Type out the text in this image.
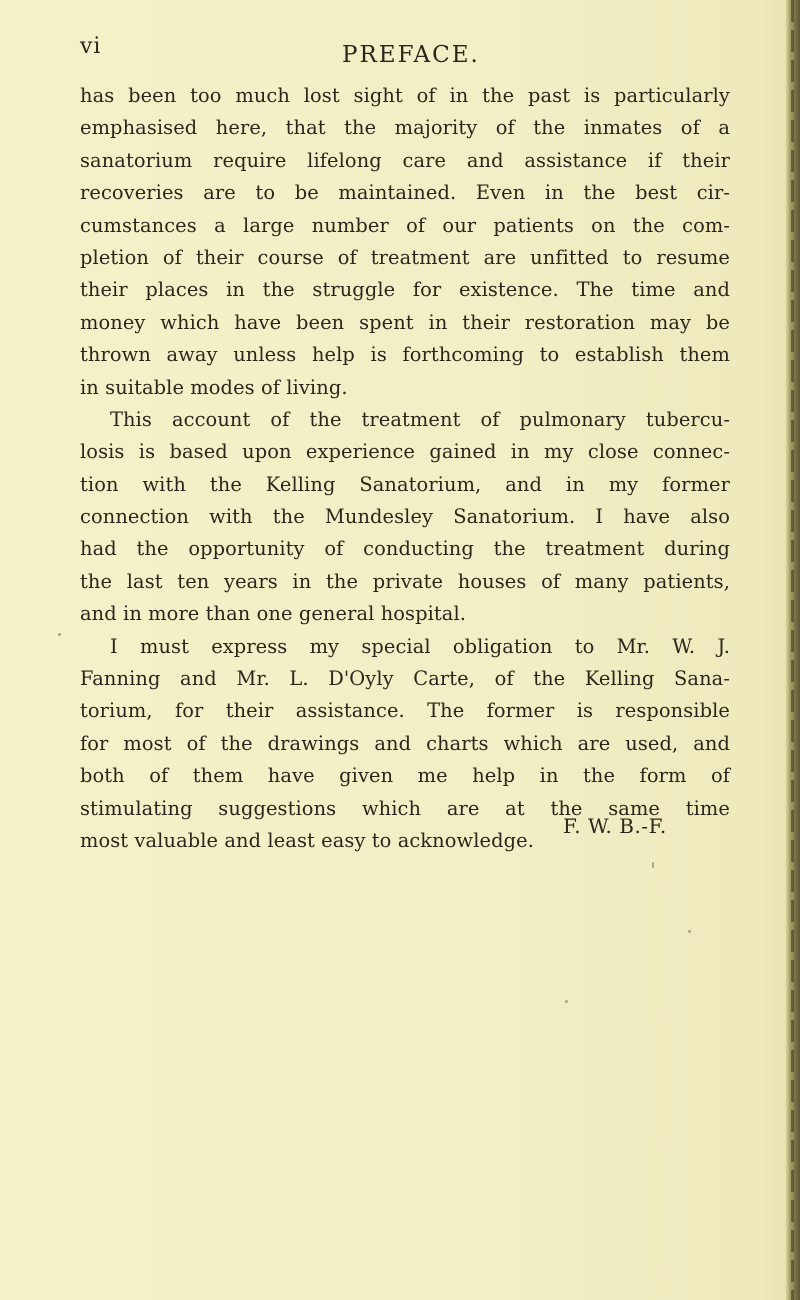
vi	PREFACE.
has been too much lost sight of in the past is particularly
emphasised here, that the majority of the inmates of a
sanatorium require lifelong care and assistance if their
recoveries are to be maintained. Even in the best cir-
cumstances a large number of our patients on the com-
pletion of their course of treatment are unfitted to resume
their places in the struggle for existence. The time and
money which have been spent in their restoration may be
thrown away unless help is forthcoming to establish them
in suitable modes of living.
This account of the treatment of pulmonary tubercu-
losis is based upon experience gained in my close connec-
tion with the Kelling Sanatorium, and in my former
connection with the Mundesley Sanatorium. I have also
had the opportunity of conducting the treatment during
the last ten years in the private houses of many patients,
and in more than one general hospital.
I must express my special obligation to Mr. W. J.
Fanning and Mr. L. D'Oyly Carte, of the Kelling Sana-
torium, for their assistance. The former is responsible
for most of the drawings and charts which are used, and
both of them have given me help in the form of
stimulating suggestions which are at the same time
most valuable and least easy to acknowledge.
F. W. B.-F.
